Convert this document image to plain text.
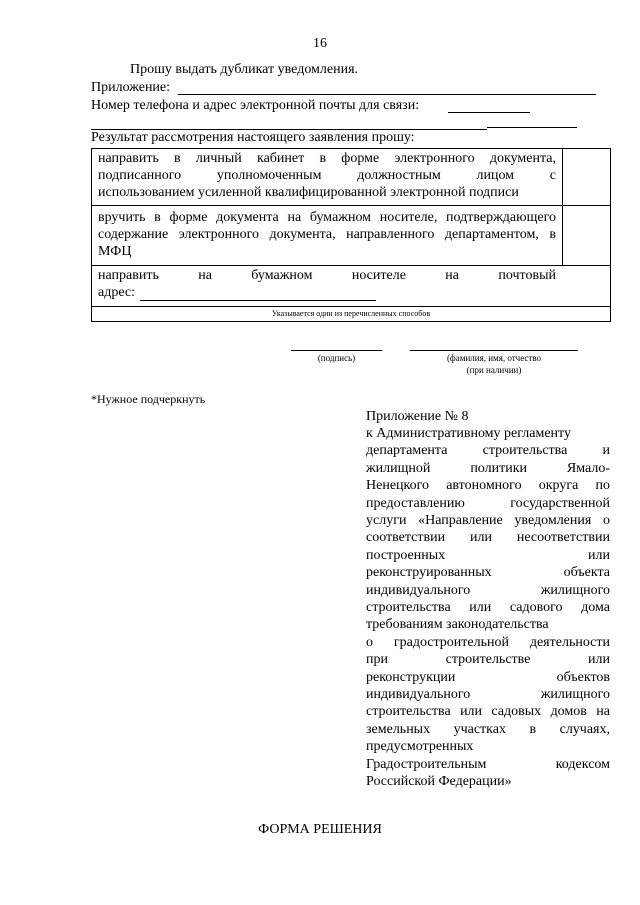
16
Прошу выдать дубликат уведомления.
Приложение:
Номер телефона и адрес электронной почты для связи:
Результат рассмотрения настоящего заявления прошу:
направить в личный кабинет в форме электронного документа,
подписанного уполномоченным должностным лицом с
использованием усиленной квалифицированной электронной подписи
вручить в форме документа на бумажном носителе, подтверждающего
содержание электронного документа, направленного департаментом, в
МФЦ
направить на бумажном носителе на почтовый
адрес:
Указывается один из перечисленных способов
(подпись)	(фамилия, имя, отчество
(при наличии)
*Нужное подчеркнуть
Приложение № 8
к Административному регламенту
департамента строительства и
жилищной политики Ямало-
Ненецкого автономного округа по
предоставлению государственной
услуги «Направление уведомления о
соответствии или несоответствии
построенных или
реконструированных объекта
индивидуального жилищного
строительства или садового дома
требованиям законодательства
о градостроительной деятельности
при строительстве или
реконструкции объектов
индивидуального жилищного
строительства или садовых домов на
земельных участках в случаях,
предусмотренных
Градостроительным кодексом
Российской Федерации»
ФОРМА РЕШЕНИЯ
